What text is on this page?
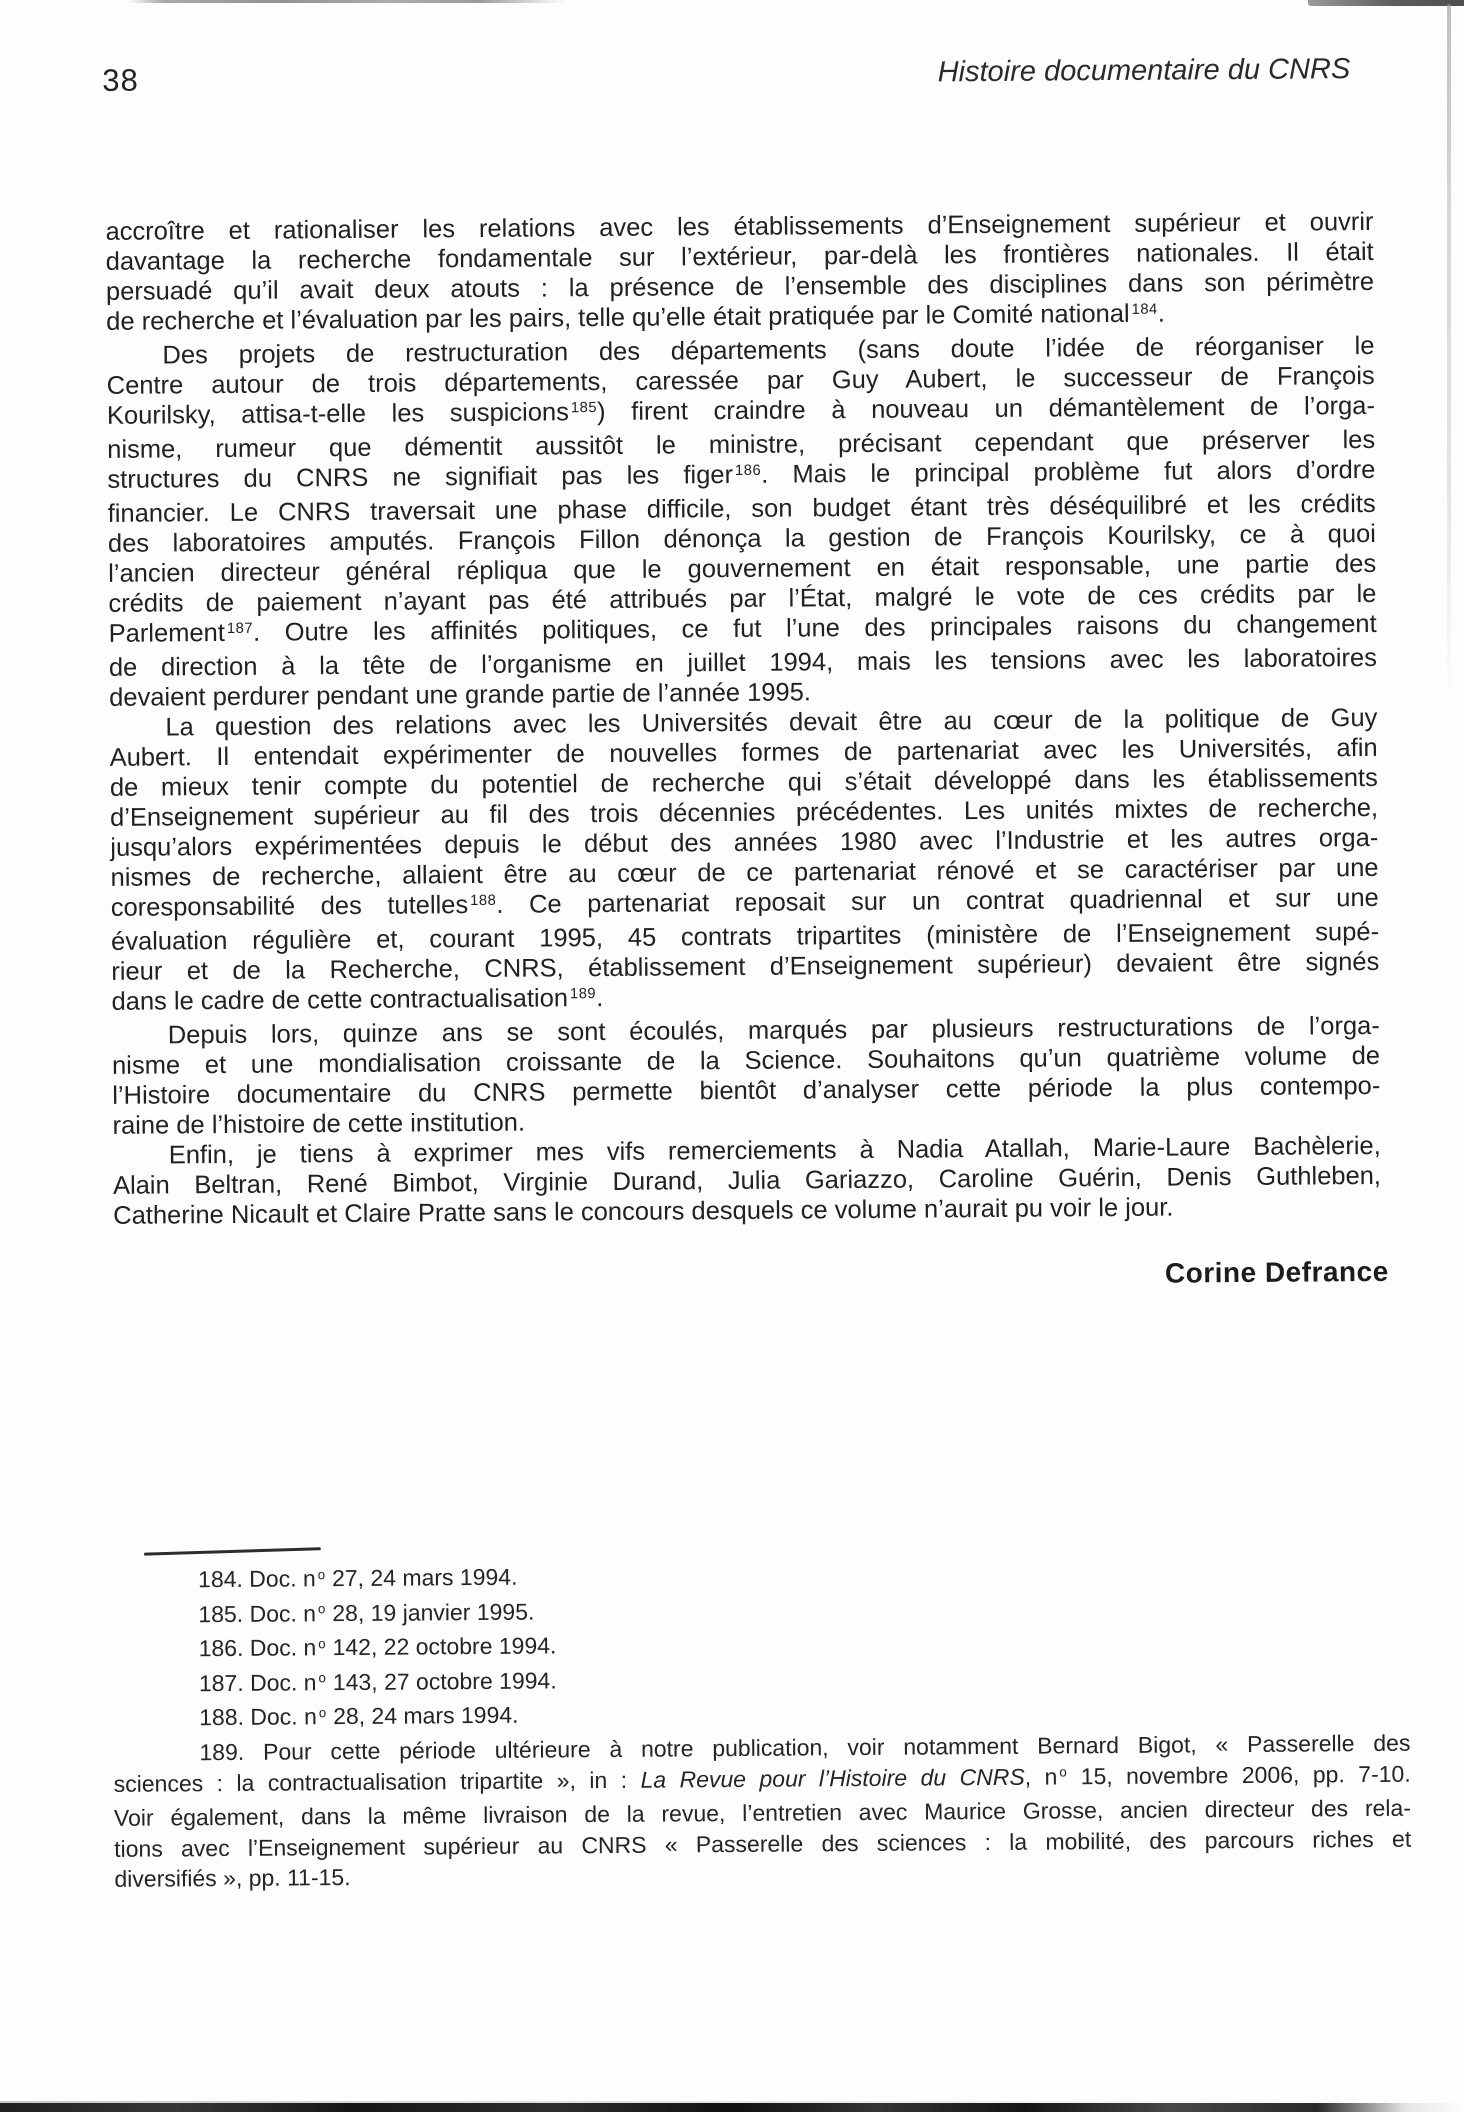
38	Histoire documentaire du CNRS
accroître et rationaliser les relations avec les établissements d’Enseignement supérieur et ouvrir
davantage la recherche fondamentale sur l’extérieur, par-delà les frontières nationales. Il était
persuadé qu’il avait deux atouts : la présence de l’ensemble des disciplines dans son périmètre
de recherche et l’évaluation par les pairs, telle qu’elle était pratiquée par le Comité national $^{184}$.
Des projets de restructuration des départements (sans doute l’idée de réorganiser le
Centre autour de trois départements, caressée par Guy Aubert, le successeur de François
Kourilsky, attisa-t-elle les suspicions $^{185}$) firent craindre à nouveau un démantèlement de l’orga-
nisme, rumeur que démentit aussitôt le ministre, précisant cependant que préserver les
structures du CNRS ne signifiait pas les figer $^{186}$. Mais le principal problème fut alors d’ordre
financier. Le CNRS traversait une phase difficile, son budget étant très déséquilibré et les crédits
des laboratoires amputés. François Fillon dénonça la gestion de François Kourilsky, ce à quoi
l’ancien directeur général répliqua que le gouvernement en était responsable, une partie des
crédits de paiement n’ayant pas été attribués par l’État, malgré le vote de ces crédits par le
Parlement $^{187}$. Outre les affinités politiques, ce fut l’une des principales raisons du changement
de direction à la tête de l’organisme en juillet 1994, mais les tensions avec les laboratoires
devaient perdurer pendant une grande partie de l’année 1995.
La question des relations avec les Universités devait être au cœur de la politique de Guy
Aubert. Il entendait expérimenter de nouvelles formes de partenariat avec les Universités, afin
de mieux tenir compte du potentiel de recherche qui s’était développé dans les établissements
d’Enseignement supérieur au fil des trois décennies précédentes. Les unités mixtes de recherche,
jusqu’alors expérimentées depuis le début des années 1980 avec l’Industrie et les autres orga-
nismes de recherche, allaient être au cœur de ce partenariat rénové et se caractériser par une
coresponsabilité des tutelles $^{188}$. Ce partenariat reposait sur un contrat quadriennal et sur une
évaluation régulière et, courant 1995, 45 contrats tripartites (ministère de l’Enseignement supé-
rieur et de la Recherche, CNRS, établissement d’Enseignement supérieur) devaient être signés
dans le cadre de cette contractualisation $^{189}$.
Depuis lors, quinze ans se sont écoulés, marqués par plusieurs restructurations de l’orga-
nisme et une mondialisation croissante de la Science. Souhaitons qu’un quatrième volume de
l’Histoire documentaire du CNRS permette bientôt d’analyser cette période la plus contempo-
raine de l’histoire de cette institution.
Enfin, je tiens à exprimer mes vifs remerciements à Nadia Atallah, Marie-Laure Bachèlerie,
Alain Beltran, René Bimbot, Virginie Durand, Julia Gariazzo, Caroline Guérin, Denis Guthleben,
Catherine Nicault et Claire Pratte sans le concours desquels ce volume n’aurait pu voir le jour.
Corine Defrance
184. Doc. n $^o$ 27, 24 mars 1994.
185. Doc. n $^o$ 28, 19 janvier 1995.
186. Doc. n $^o$ 142, 22 octobre 1994.
187. Doc. n $^o$ 143, 27 octobre 1994.
188. Doc. n $^o$ 28, 24 mars 1994.
189. Pour cette période ultérieure à notre publication, voir notamment Bernard Bigot, « Passerelle des
sciences : la contractualisation tripartite », in : La Revue pour l’Histoire du CNRS, n $^o$ 15, novembre 2006, pp. 7-10.
Voir également, dans la même livraison de la revue, l’entretien avec Maurice Grosse, ancien directeur des rela-
tions avec l’Enseignement supérieur au CNRS « Passerelle des sciences : la mobilité, des parcours riches et
diversifiés », pp. 11-15.
